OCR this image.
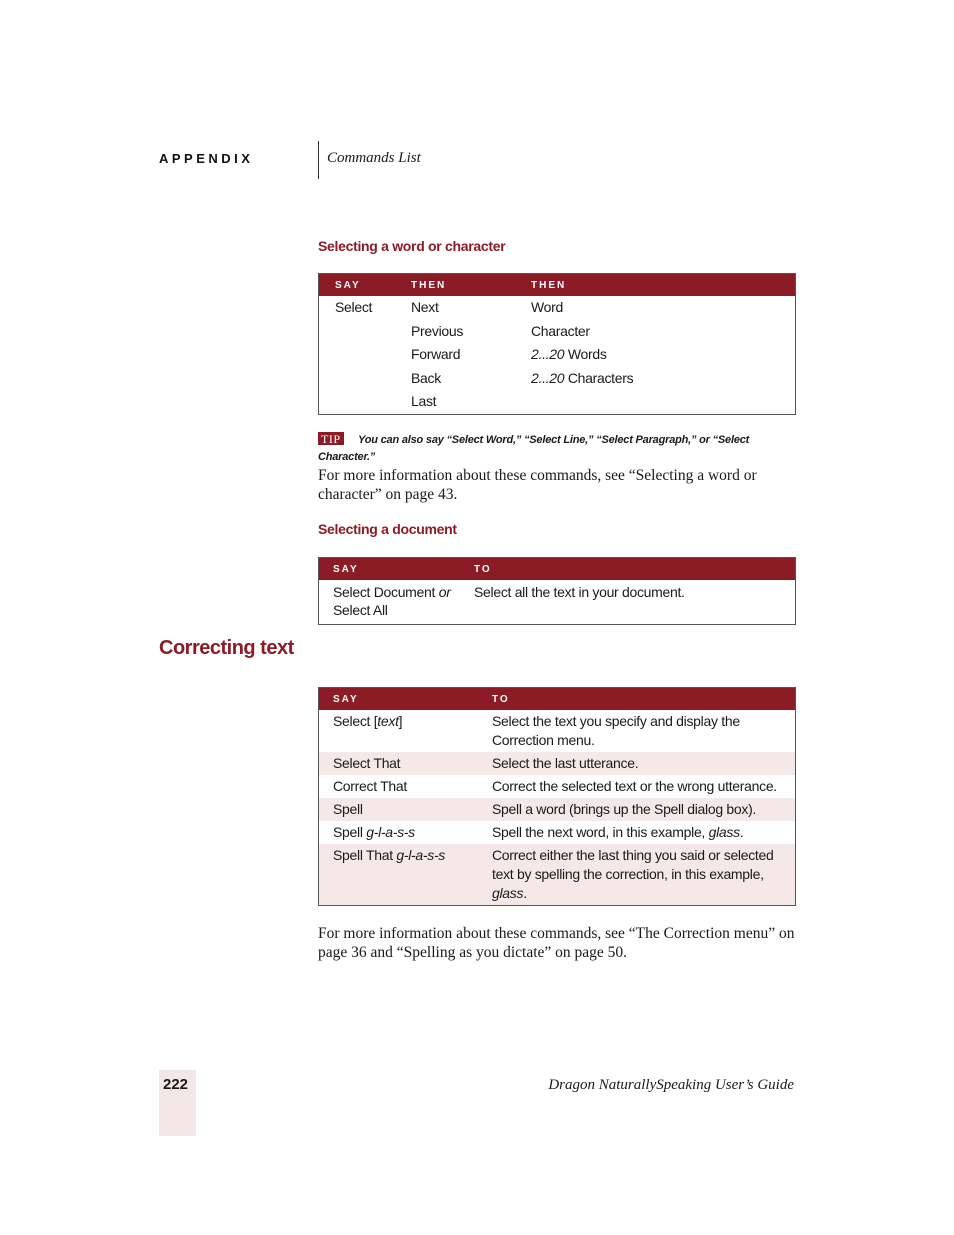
APPENDIX	Commands List
Selecting a word or character
SAY	THEN	THEN
Select	Next	Word
	Previous	Character
	Forward	2...20 Words
	Back	2...20 Characters
	Last	
You can also say “Select Word,” “Select Line,” “Select Paragraph,” or “Select Character.”
TIP
For more information about these commands, see “Selecting a word or character” on page 43.
Selecting a document
SAY	TO
Select Document or
Select All	Select all the text in your document.
Correcting text
SAY	TO
Select [text]	Select the text you specify and display the Correction menu.
Select That	Select the last utterance.
Correct That	Correct the selected text or the wrong utterance.
Spell	Spell a word (brings up the Spell dialog box).
Spell g-l-a-s-s	Spell the next word, in this example, glass.
Spell That g-l-a-s-s	Correct either the last thing you said or selected text by spelling the correction, in this example, glass.
For more information about these commands, see “The Correction menu” on page 36 and “Spelling as you dictate” on page 50.
222	Dragon NaturallySpeaking User’s Guide
